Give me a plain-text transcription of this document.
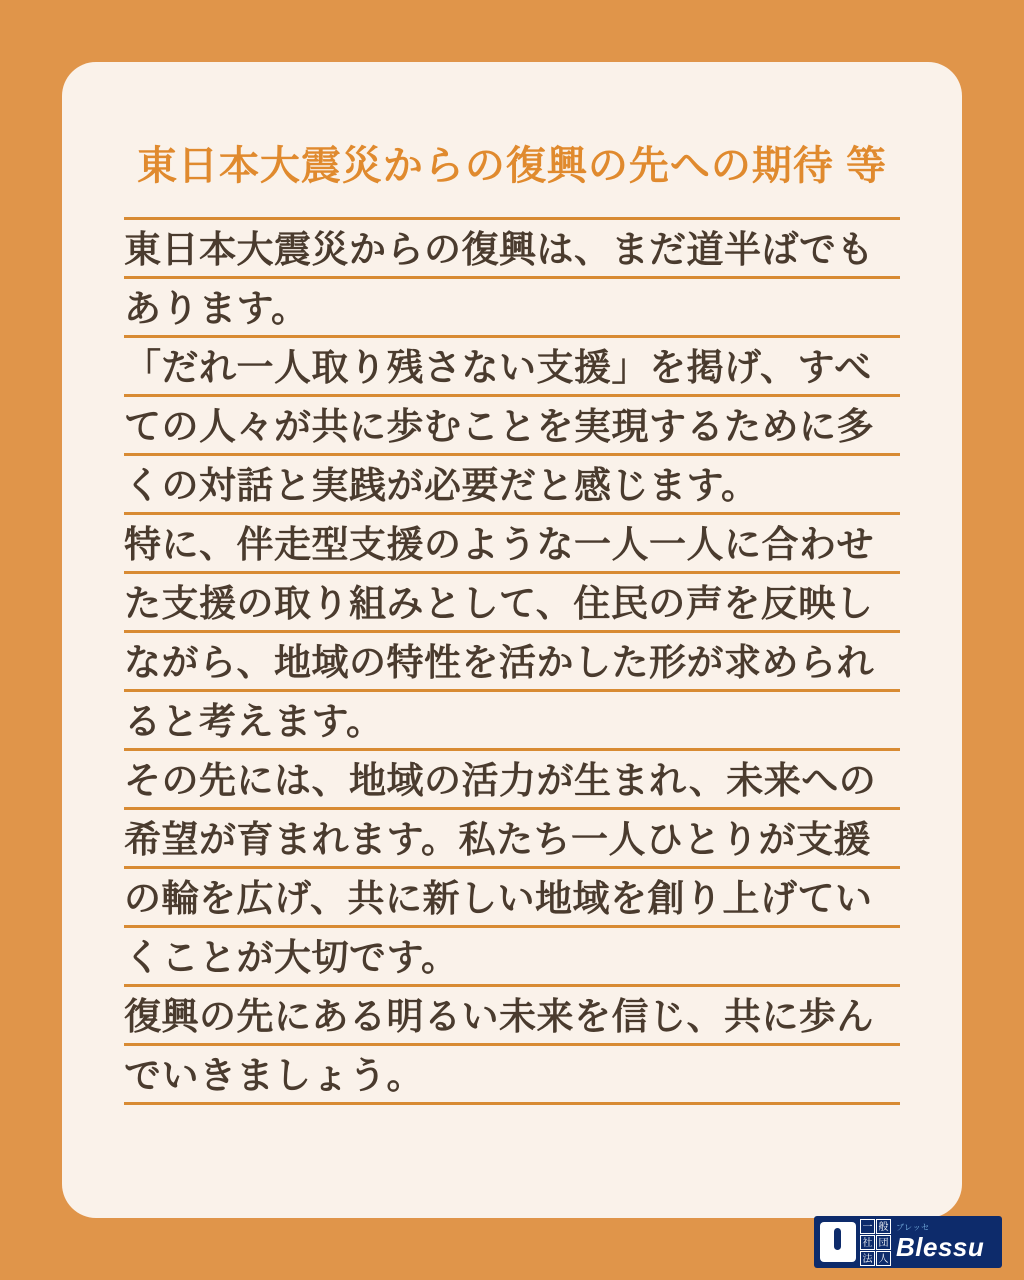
東日本大震災からの復興の先への期待 等
東日本大震災からの復興は、まだ道半ばでも
あります。
「だれ一人取り残さない支援」を掲げ、すべ
ての人々が共に歩むことを実現するために多
くの対話と実践が必要だと感じます。
特に、伴走型支援のような一人一人に合わせ
た支援の取り組みとして、住民の声を反映し
ながら、地域の特性を活かした形が求められ
ると考えます。
その先には、地域の活力が生まれ、未来への
希望が育まれます。私たち一人ひとりが支援
の輪を広げ、共に新しい地域を創り上げてい
くことが大切です。
復興の先にある明るい未来を信じ、共に歩ん
でいきましょう。
一 般
社 団
法 人
ブレッセ
Blessu
